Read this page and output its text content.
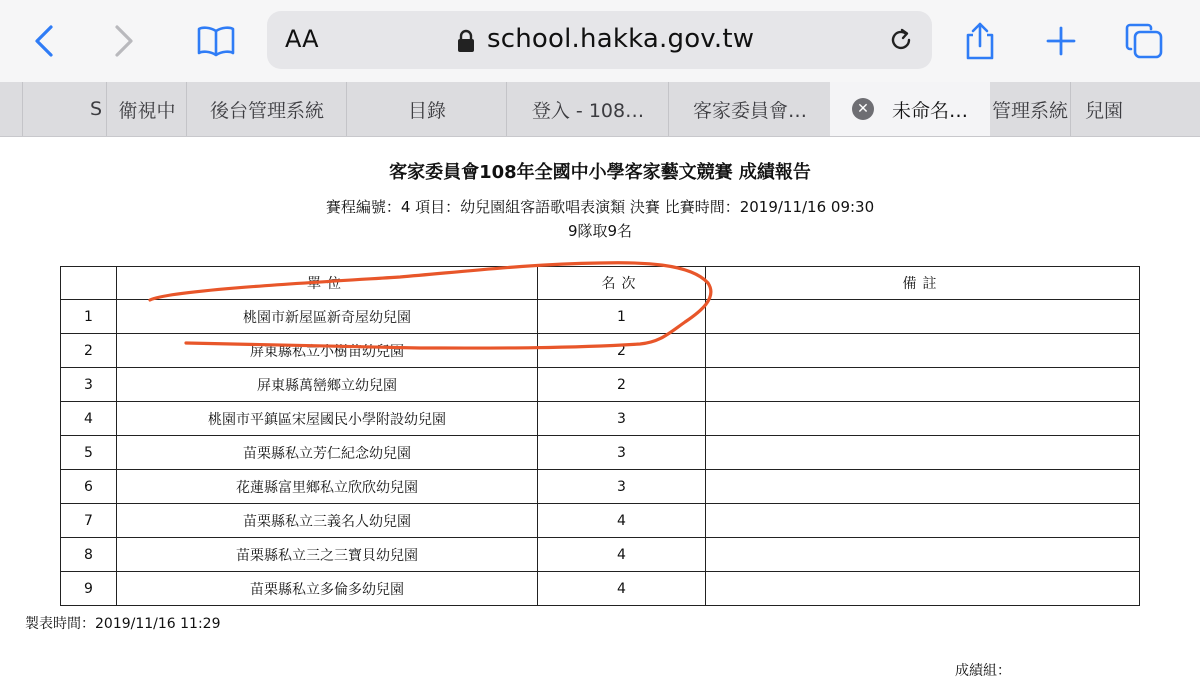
AA	school.hakka.gov.tw
S 衛視中 後台管理系統	目錄	登入 - 108…	客家委員會…	✕ 未命名… 管理系統 兒園
客家委員會108年全國中小學客家藝文競賽 成績報告
賽程編號：4 項目：幼兒園組客語歌唱表演類 決賽 比賽時間：2019/11/16 09:30
9隊取9名
	單位	名次	備註
1	桃園市新屋區新奇屋幼兒園	1	
2	屏東縣私立小樹苗幼兒園	2	
3	屏東縣萬巒鄉立幼兒園	2	
4	桃園市平鎮區宋屋國民小學附設幼兒園	3	
5	苗栗縣私立芳仁紀念幼兒園	3	
6	花蓮縣富里鄉私立欣欣幼兒園	3	
7	苗栗縣私立三義名人幼兒園	4	
8	苗栗縣私立三之三寶貝幼兒園	4	
9	苗栗縣私立多倫多幼兒園	4	
製表時間：2019/11/16 11:29
成績組：
